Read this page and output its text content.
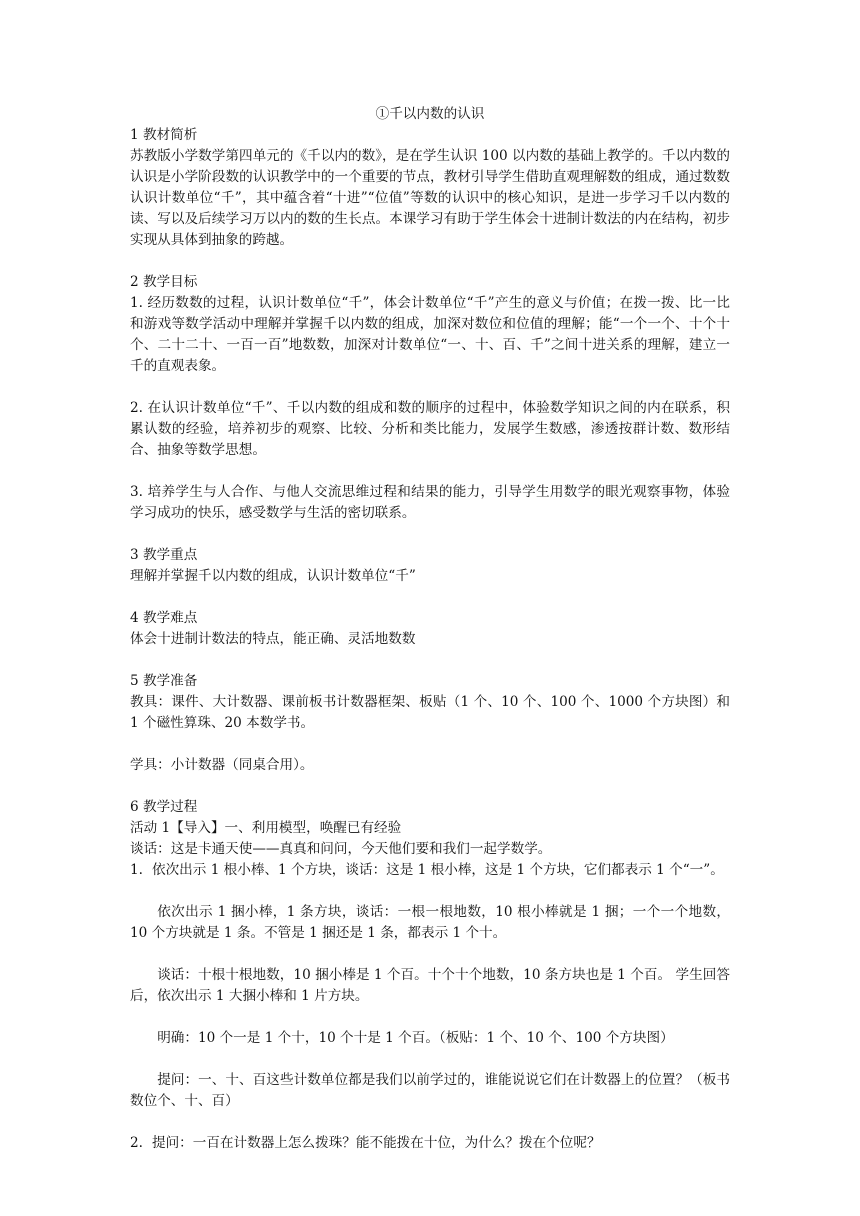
①千以内数的认识

1 教材简析

苏教版小学数学第四单元的《千以内的数》，是在学生认识 100 以内数的基础上教学的。千以内数的认识是小学阶段数的认识教学中的一个重要的节点，教材引导学生借助直观理解数的组成，通过数数认识计数单位“千”，其中蕴含着“十进”“位值”等数的认识中的核心知识，是进一步学习千以内数的读、写以及后续学习万以内的数的生长点。本课学习有助于学生体会十进制计数法的内在结构，初步实现从具体到抽象的跨越。

2 教学目标

1. 经历数数的过程，认识计数单位“千”，体会计数单位“千”产生的意义与价值；在拨一拨、比一比和游戏等数学活动中理解并掌握千以内数的组成，加深对数位和位值的理解；能“一个一个、十个十个、二十二十、一百一百”地数数，加深对计数单位“一、十、百、千”之间十进关系的理解，建立一千的直观表象。

2. 在认识计数单位“千”、千以内数的组成和数的顺序的过程中，体验数学知识之间的内在联系，积累认数的经验，培养初步的观察、比较、分析和类比能力，发展学生数感，渗透按群计数、数形结合、抽象等数学思想。

3. 培养学生与人合作、与他人交流思维过程和结果的能力，引导学生用数学的眼光观察事物，体验学习成功的快乐，感受数学与生活的密切联系。

3 教学重点

理解并掌握千以内数的组成，认识计数单位“千”

4 教学难点

体会十进制计数法的特点，能正确、灵活地数数

5 教学准备

教具：课件、大计数器、课前板书计数器框架、板贴（1 个、10 个、100 个、1000 个方块图）和 1 个磁性算珠、20 本数学书。

学具：小计数器（同桌合用）。

6 教学过程

活动 1【导入】一、利用模型，唤醒已有经验

谈话：这是卡通天使——真真和问问，今天他们要和我们一起学数学。

1. 依次出示 1 根小棒、1 个方块，谈话：这是 1 根小棒，这是 1 个方块，它们都表示 1 个“一”。

依次出示 1 捆小棒，1 条方块，谈话：一根一根地数，10 根小棒就是 1 捆；一个一个地数，10 个方块就是 1 条。不管是 1 捆还是 1 条，都表示 1 个十。

谈话：十根十根地数，10 捆小棒是 1 个百。十个十个地数，10 条方块也是 1 个百。 学生回答后，依次出示 1 大捆小棒和 1 片方块。

明确：10 个一是 1 个十，10 个十是 1 个百。（板贴：1 个、10 个、100 个方块图）

提问：一、十、百这些计数单位都是我们以前学过的，谁能说说它们在计数器上的位置？（板书数位个、十、百）

2. 提问：一百在计数器上怎么拨珠？能不能拨在十位，为什么？拨在个位呢？
